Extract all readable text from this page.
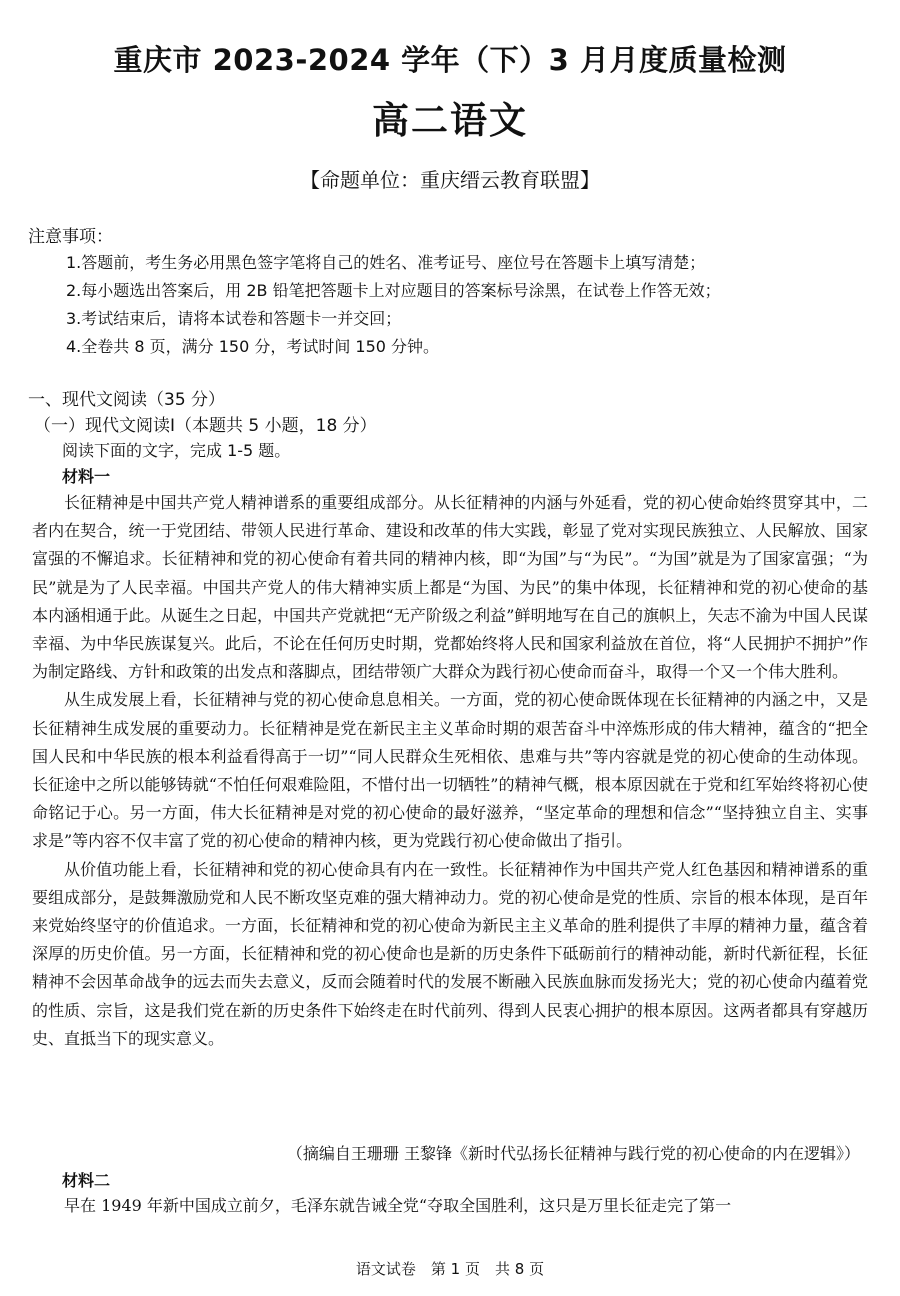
重庆市 2023-2024 学年（下）3 月月度质量检测
高二语文
【命题单位：重庆缙云教育联盟】
注意事项：
1.答题前，考生务必用黑色签字笔将自己的姓名、准考证号、座位号在答题卡上填写清楚；
2.每小题选出答案后，用 2B 铅笔把答题卡上对应题目的答案标号涂黑，在试卷上作答无效；
3.考试结束后，请将本试卷和答题卡一并交回；
4.全卷共 8 页，满分 150 分，考试时间 150 分钟。
一、现代文阅读（35 分）
（一）现代文阅读Ⅰ（本题共 5 小题，18 分）
阅读下面的文字，完成 1-5 题。
材料一

长征精神是中国共产党人精神谱系的重要组成部分。从长征精神的内涵与外延看，党的初心使命始终贯穿其中，二者内在契合，统一于党团结、带领人民进行革命、建设和改革的伟大实践，彰显了党对实现民族独立、人民解放、国家富强的不懈追求。长征精神和党的初心使命有着共同的精神内核，即“为国”与“为民”。“为国”就是为了国家富强；“为民”就是为了人民幸福。中国共产党人的伟大精神实质上都是“为国、为民”的集中体现，长征精神和党的初心使命的基本内涵相通于此。从诞生之日起，中国共产党就把“无产阶级之利益”鲜明地写在自己的旗帜上，矢志不渝为中国人民谋幸福、为中华民族谋复兴。此后，不论在任何历史时期，党都始终将人民和国家利益放在首位，将“人民拥护不拥护”作为制定路线、方针和政策的出发点和落脚点，团结带领广大群众为践行初心使命而奋斗，取得一个又一个伟大胜利。

从生成发展上看，长征精神与党的初心使命息息相关。一方面，党的初心使命既体现在长征精神的内涵之中，又是长征精神生成发展的重要动力。长征精神是党在新民主主义革命时期的艰苦奋斗中淬炼形成的伟大精神，蕴含的“把全国人民和中华民族的根本利益看得高于一切”“同人民群众生死相依、患难与共”等内容就是党的初心使命的生动体现。长征途中之所以能够铸就“不怕任何艰难险阻，不惜付出一切牺牲”的精神气概，根本原因就在于党和红军始终将初心使命铭记于心。另一方面，伟大长征精神是对党的初心使命的最好滋养，“坚定革命的理想和信念”“坚持独立自主、实事求是”等内容不仅丰富了党的初心使命的精神内核，更为党践行初心使命做出了指引。

从价值功能上看，长征精神和党的初心使命具有内在一致性。长征精神作为中国共产党人红色基因和精神谱系的重要组成部分，是鼓舞激励党和人民不断攻坚克难的强大精神动力。党的初心使命是党的性质、宗旨的根本体现，是百年来党始终坚守的价值追求。一方面，长征精神和党的初心使命为新民主主义革命的胜利提供了丰厚的精神力量，蕴含着深厚的历史价值。另一方面，长征精神和党的初心使命也是新的历史条件下砥砺前行的精神动能，新时代新征程，长征精神不会因革命战争的远去而失去意义，反而会随着时代的发展不断融入民族血脉而发扬光大；党的初心使命内蕴着党的性质、宗旨，这是我们党在新的历史条件下始终走在时代前列、得到人民衷心拥护的根本原因。这两者都具有穿越历史、直抵当下的现实意义。

（摘编自王珊珊 王黎锋《新时代弘扬长征精神与践行党的初心使命的内在逻辑》）
材料二

早在 1949 年新中国成立前夕，毛泽东就告诫全党“夺取全国胜利，这只是万里长征走完了第一

语文试卷　第 1 页　共 8 页
